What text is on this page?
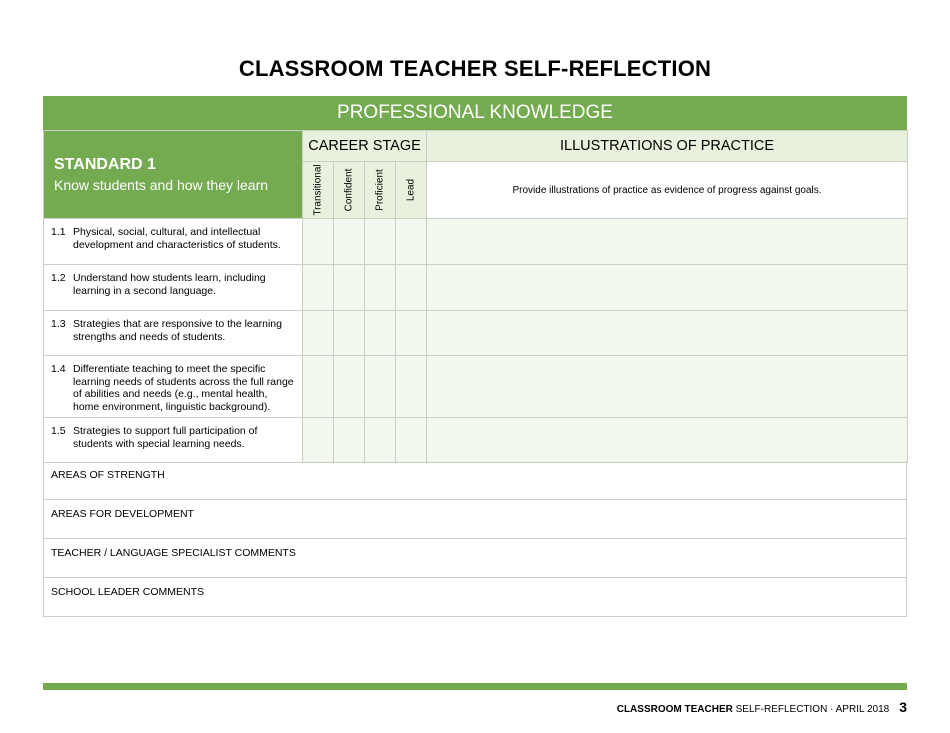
CLASSROOM TEACHER SELF-REFLECTION
PROFESSIONAL KNOWLEDGE
STANDARD 1
Know students and how they learn	CAREER STAGE				ILLUSTRATIONS OF PRACTICE

	Transitional	Confident	Proficient	Lead	Provide illustrations of practice as evidence of progress against goals.

1.1 Physical, social, cultural, and intellectual development and characteristics of students.					

1.2 Understand how students learn, including learning in a second language.					

1.3 Strategies that are responsive to the learning strengths and needs of students.					

1.4 Differentiate teaching to meet the specific learning needs of students across the full range of abilities and needs (e.g., mental health, home environment, linguistic background).					

1.5 Strategies to support full participation of students with special learning needs.					

AREAS OF STRENGTH
AREAS FOR DEVELOPMENT
TEACHER / LANGUAGE SPECIALIST COMMENTS
SCHOOL LEADER COMMENTS
CLASSROOM TEACHER SELF-REFLECTION · APRIL 2018 3
